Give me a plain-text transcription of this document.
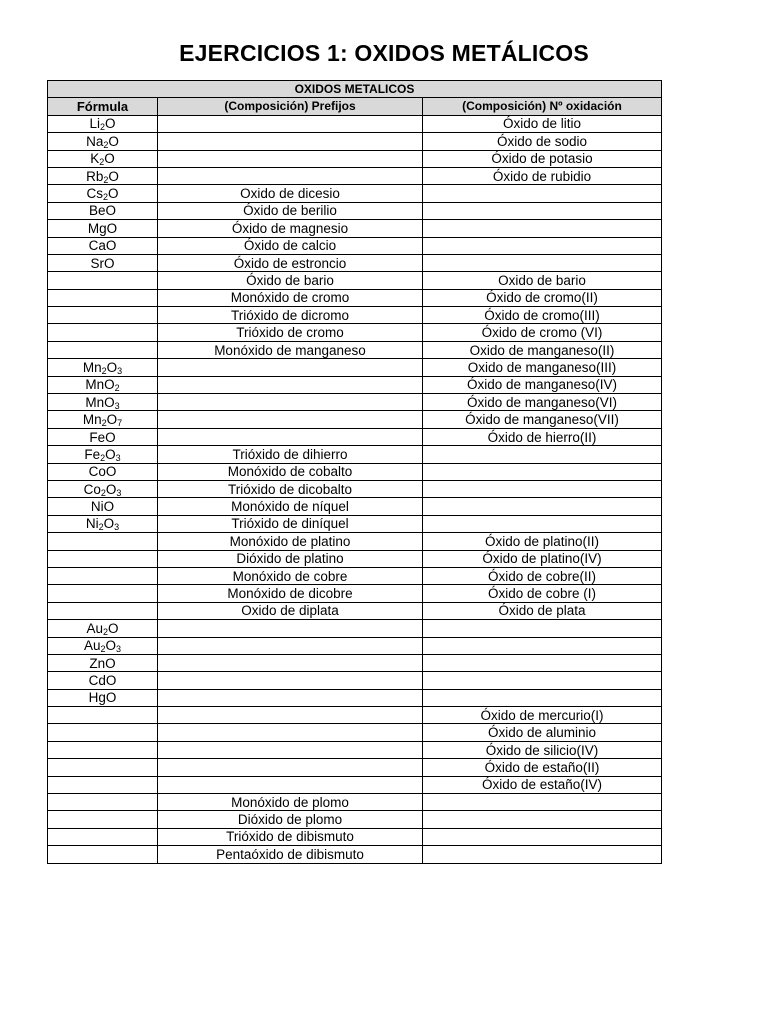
EJERCICIOS 1: OXIDOS METÁLICOS
OXIDOS METALICOS		
Fórmula	(Composición) Prefijos	(Composición) Nº oxidación
$Li_2O$		Óxido de litio
$Na_2O$		Óxido de sodio
$K_2O$		Óxido de potasio
$Rb_2O$		Óxido de rubidio
$Cs_2O$	Oxido de dicesio	
BeO	Óxido de berilio	
MgO	Óxido de magnesio	
CaO	Óxido de calcio	
SrO	Óxido de estroncio	
	Óxido de bario	Oxido de bario
	Monóxido de cromo	Óxido de cromo(II)
	Trióxido de dicromo	Óxido de cromo(III)
	Trióxido de cromo	Óxido de cromo (VI)
	Monóxido de manganeso	Oxido de manganeso(II)
$Mn_2O_3$		Oxido de manganeso(III)
MnO$_2$		Óxido de manganeso(IV)
MnO$_3$		Óxido de manganeso(VI)
$Mn_2O_7$		Óxido de manganeso(VII)
FeO		Óxido de hierro(II)
$Fe_2O_3$	Trióxido de dihierro	
CoO	Monóxido de cobalto	
$Co_2O_3$	Trióxido de dicobalto	
NiO	Monóxido de níquel	
$Ni_2O_3$	Trióxido de diníquel	
	Monóxido de platino	Óxido de platino(II)
	Dióxido de platino	Óxido de platino(IV)
	Monóxido de cobre	Óxido de cobre(II)
	Monóxido de dicobre	Óxido de cobre (I)
	Oxido de diplata	Óxido de plata
$Au_2O$		
$Au_2O_3$		
ZnO		
CdO		
HgO		
		Óxido de mercurio(I)
		Óxido de aluminio
		Óxido de silicio(IV)
		Óxido de estaño(II)
		Óxido de estaño(IV)
	Monóxido de plomo	
	Dióxido de plomo	
	Trióxido de dibismuto	
	Pentaóxido de dibismuto	
